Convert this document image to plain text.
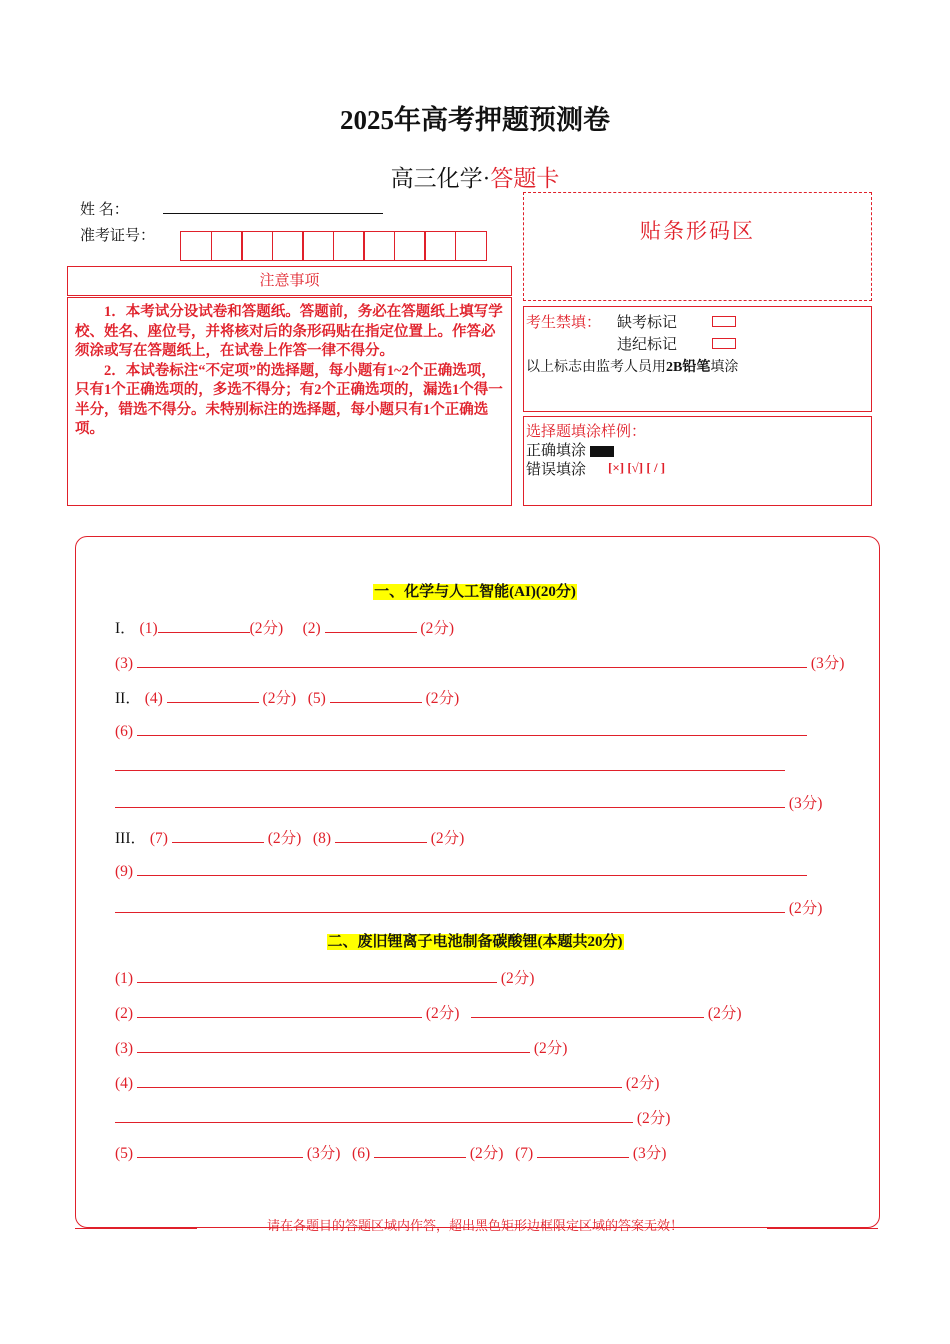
2025年高考押题预测卷
高三化学·答题卡
姓 名：
准考证号：
注意事项

1．本考试分设试卷和答题纸。答题前，务必在答题纸上填写学校、姓名、座位号，并将核对后的条形码贴在指定位置上。作答必须涂或写在答题纸上，在试卷上作答一律不得分。

2．本试卷标注“不定项”的选择题，每小题有1~2个正确选项，只有1个正确选项的，多选不得分；有2个正确选项的，漏选1个得一半分，错选不得分。未特别标注的选择题，每小题只有1个正确选项。

贴条形码区
考生禁填： 缺考标记
违纪标记
以上标志由监考人员用2B铅笔填涂
选择题填涂样例：
正确填涂
错误填涂 [×] [√] [ / ]
一、化学与人工智能(AI)(20分)
I． (1)	(2分) (2)	(2分)
(3)	(3分)
II． (4)	(2分) (5)	(2分)
(6)
(3分)
III． (7)	(2分) (8)	(2分)
(9)
(2分)
二、废旧锂离子电池制备碳酸锂(本题共20分)
(1)	(2分)
(2)	(2分)	(2分)
(3)	(2分)
(4)	(2分)
(2分)
(5)	(3分) (6)	(2分) (7)	(3分)
请在各题目的答题区域内作答，超出黑色矩形边框限定区域的答案无效！
